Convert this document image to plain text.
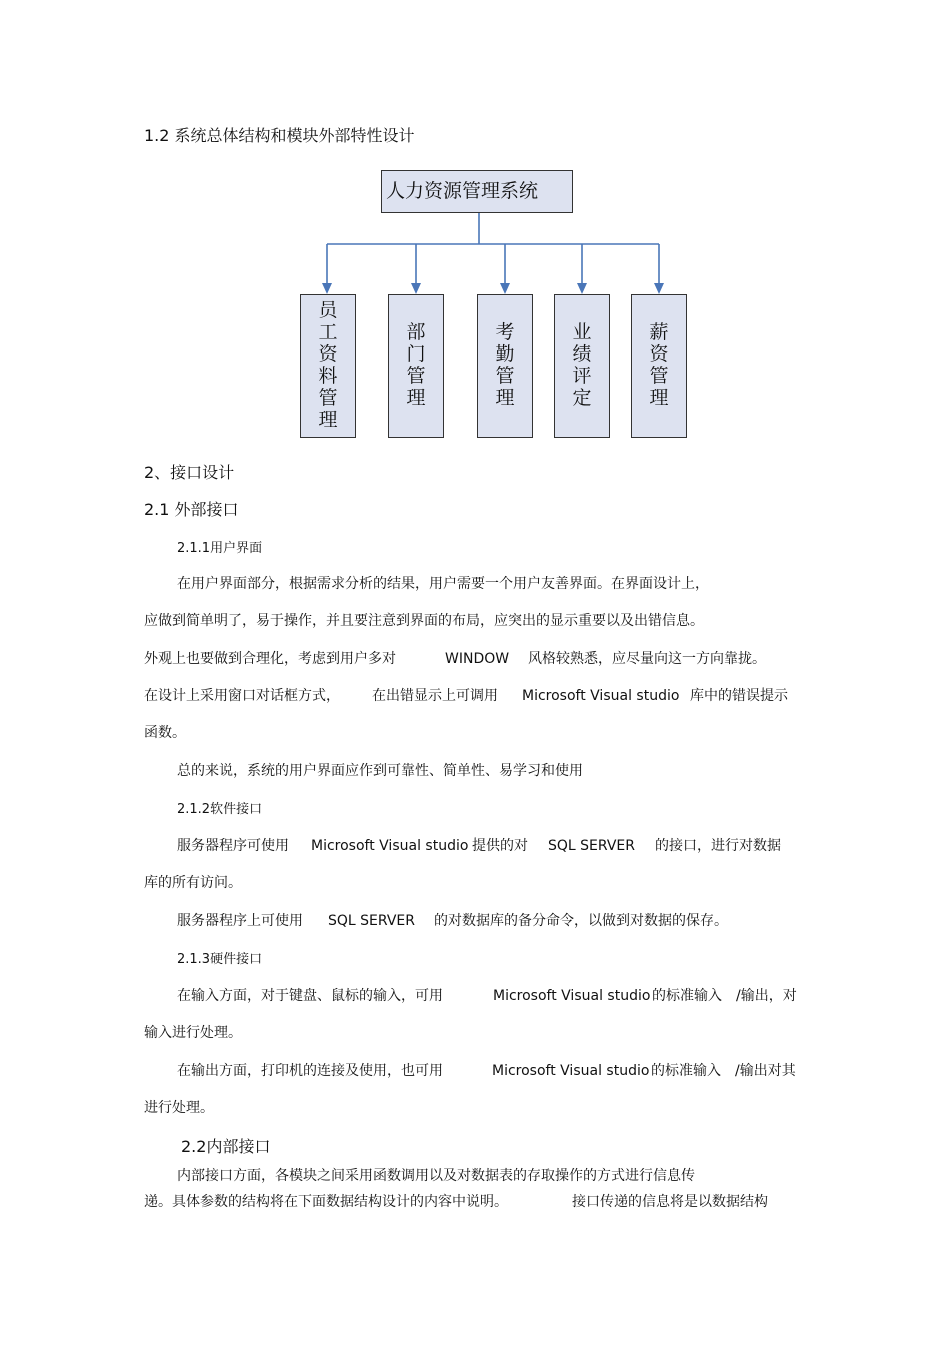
1.2 系统总体结构和模块外部特性设计
人力资源管理系统
员工资料管理
部门管理
考勤管理
业绩评定
薪资管理
2、接口设计
2.1 外部接口
2.1.1用户界面
在用户界面部分，根据需求分析的结果，用户需要一个用户友善界面。在界面设计上，
应做到简单明了，易于操作，并且要注意到界面的布局，应突出的显示重要以及出错信息。
外观上也要做到合理化，考虑到用户多对	WINDOW 风格较熟悉，应尽量向这一方向靠拢。
在设计上采用窗口对话框方式， 在出错显示上可调用 Microsoft Visual studio 库中的错误提示
函数。
总的来说，系统的用户界面应作到可靠性、简单性、易学习和使用
2.1.2软件接口
服务器程序可使用 Microsoft Visual studio 提供的对 SQL SERVER 的接口，进行对数据
库的所有访问。
服务器程序上可使用 SQL SERVER 的对数据库的备分命令，以做到对数据的保存。
2.1.3硬件接口
在输入方面，对于键盘、鼠标的输入，可用	Microsoft Visual studio 的标准输入 /输出，对
输入进行处理。
在输出方面，打印机的连接及使用，也可用	Microsoft Visual studio 的标准输入 /输出对其
进行处理。
2.2内部接口
内部接口方面，各模块之间采用函数调用以及对数据表的存取操作的方式进行信息传
递。具体参数的结构将在下面数据结构设计的内容中说明。	接口传递的信息将是以数据结构
